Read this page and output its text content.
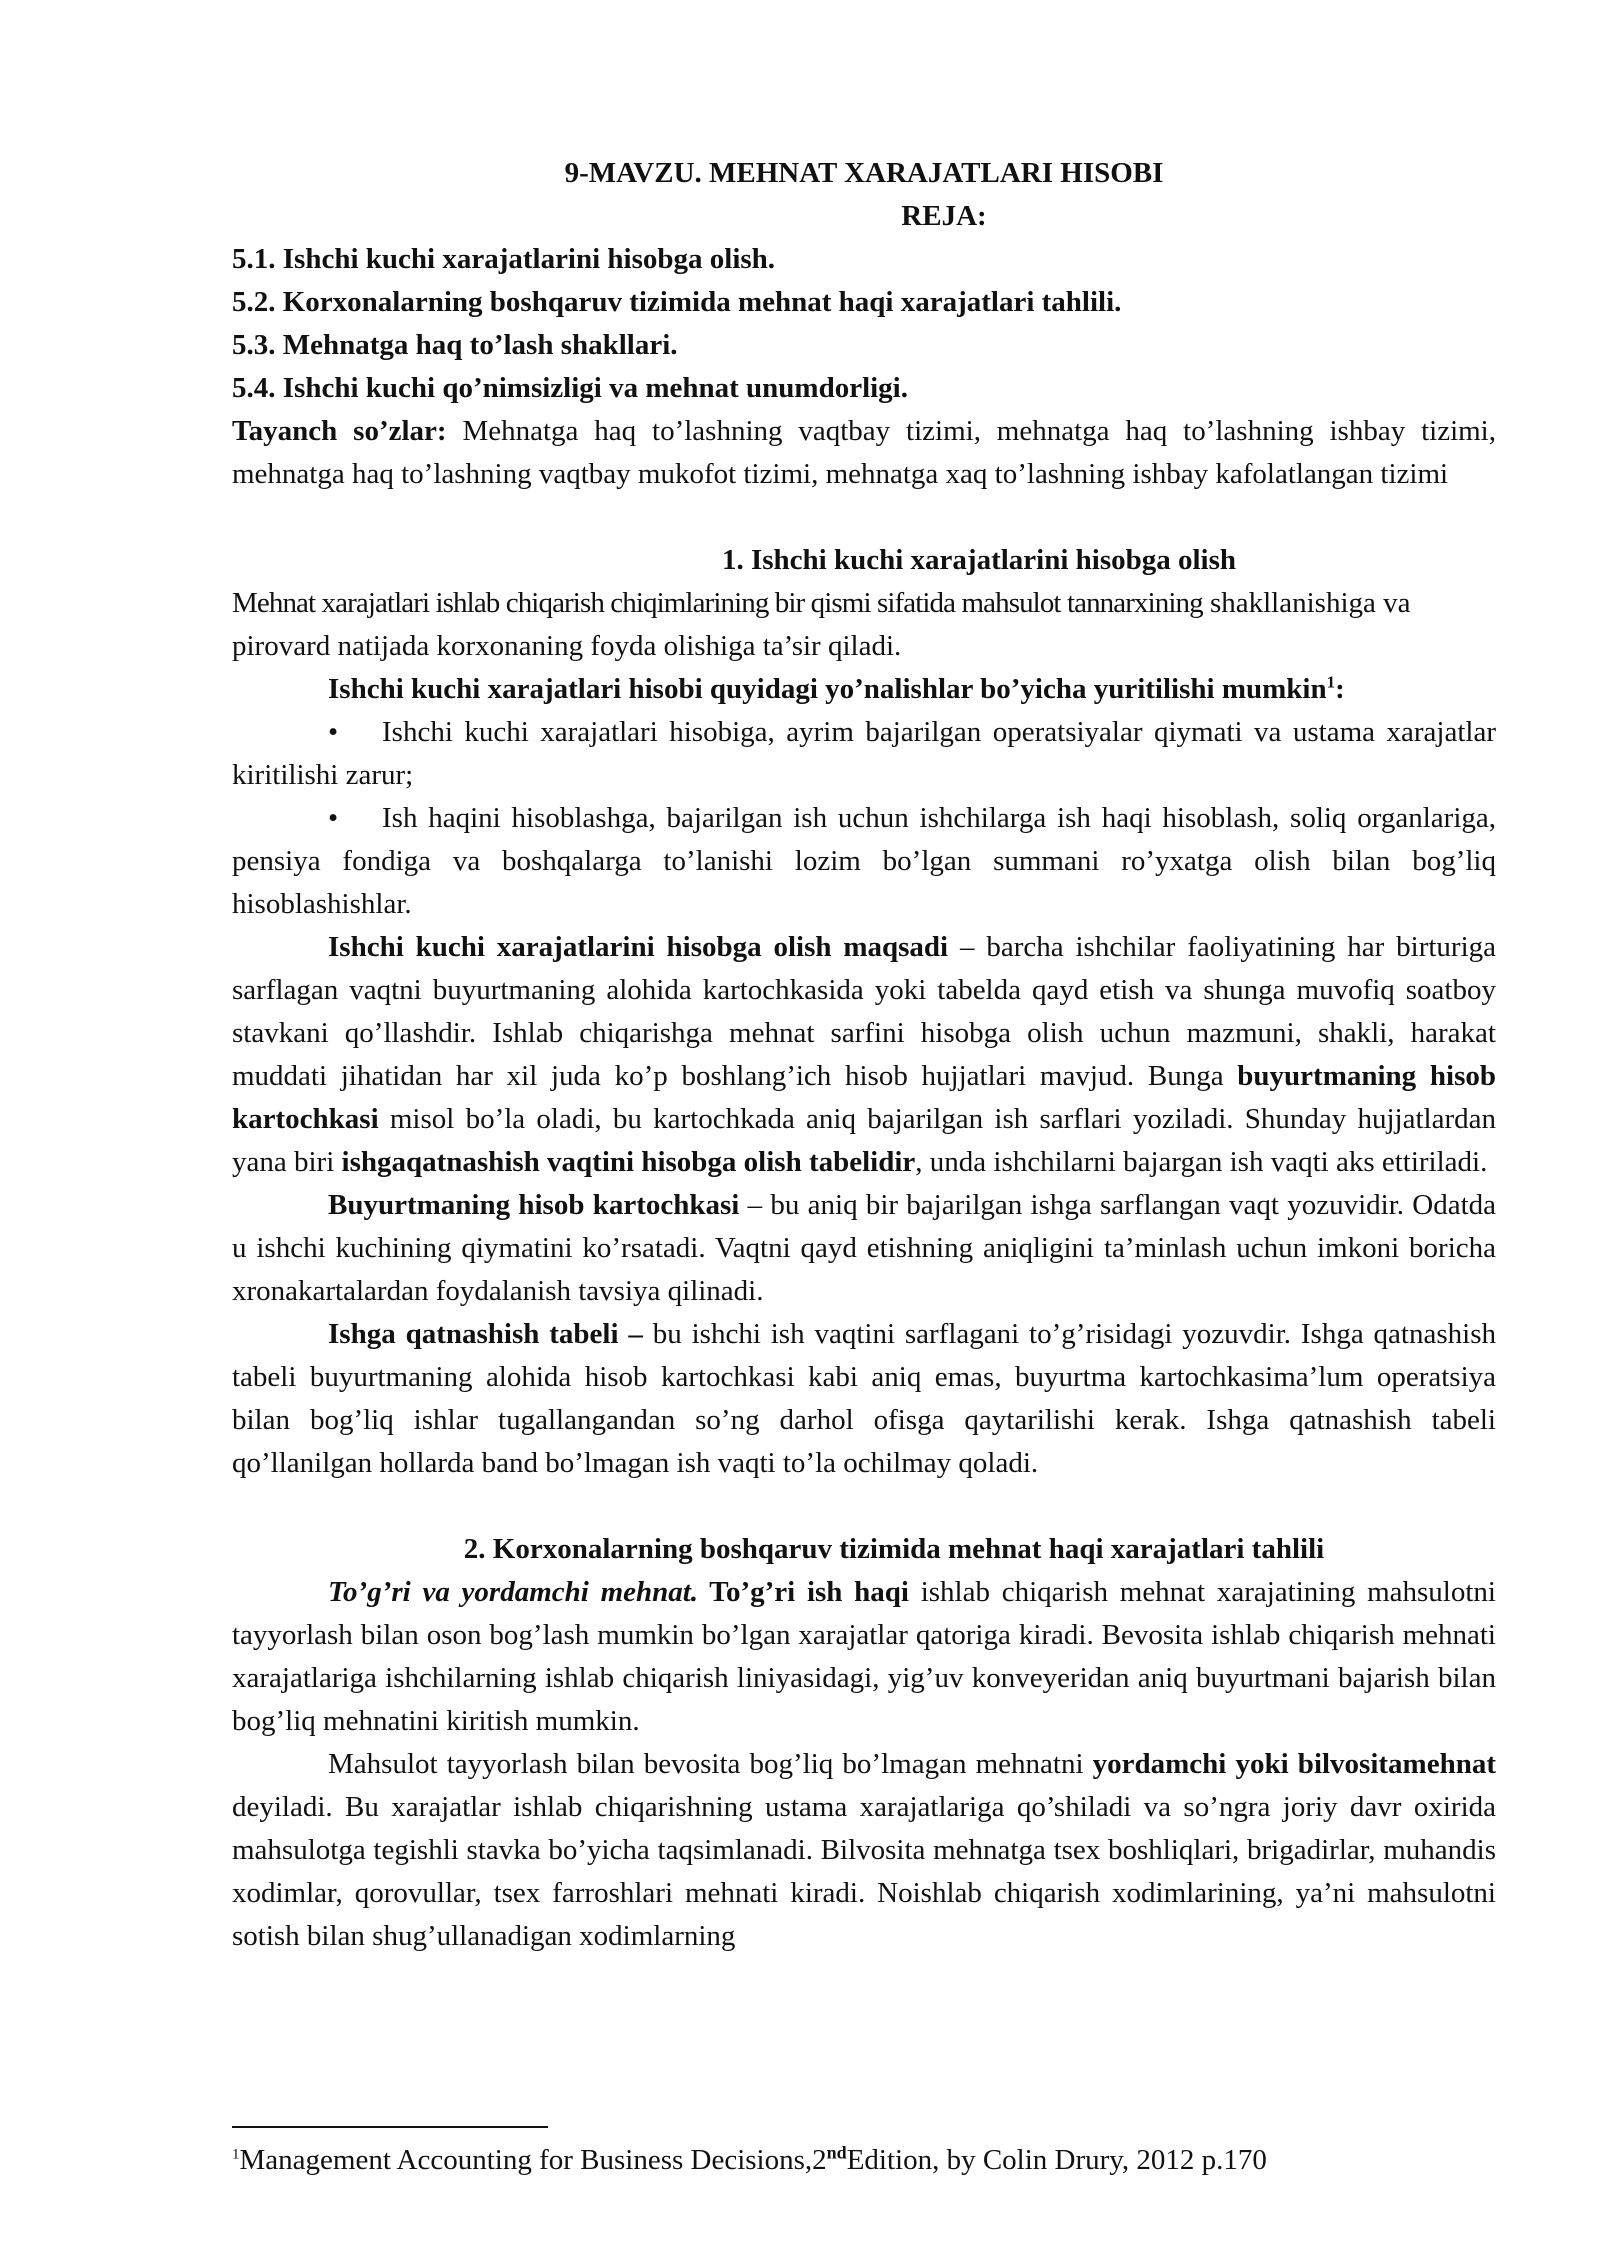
9-MAVZU. MEHNAT XARAJATLARI HISOBI
REJA:

5.1. Ishchi kuchi xarajatlarini hisobga olish.

5.2. Korxonalarning boshqaruv tizimida mehnat haqi xarajatlari tahlili.

5.3. Mehnatga haq to’lash shakllari.

5.4. Ishchi kuchi qo’nimsizligi va mehnat unumdorligi.

Tayanch so’zlar: Mehnatga haq to’lashning vaqtbay tizimi, mehnatga haq to’lashning ishbay tizimi, mehnatga haq to’lashning vaqtbay mukofot tizimi, mehnatga xaq to’lashning ishbay kafolatlangan tizimi

1. Ishchi kuchi xarajatlarini hisobga olish

Mehnat xarajatlari ishlab chiqarish chiqimlarining bir qismi sifatida mahsulot tannarxining shakllanishiga va pirovard natijada korxonaning foyda olishiga ta’sir qiladi.

Ishchi kuchi xarajatlari hisobi quyidagi yo’nalishlar bo’yicha yuritilishi mumkin$^1$:

• Ishchi kuchi xarajatlari hisobiga, ayrim bajarilgan operatsiyalar qiymati va ustama xarajatlar kiritilishi zarur;

• Ish haqini hisoblashga, bajarilgan ish uchun ishchilarga ish haqi hisoblash, soliq organlariga, pensiya fondiga va boshqalarga to’lanishi lozim bo’lgan summani ro’yxatga olish bilan bog’liq hisoblashishlar.

Ishchi kuchi xarajatlarini hisobga olish maqsadi – barcha ishchilar faoliyatining har birturiga sarflagan vaqtni buyurtmaning alohida kartochkasida yoki tabelda qayd etish va shunga muvofiq soatboy stavkani qo’llashdir. Ishlab chiqarishga mehnat sarfini hisobga olish uchun mazmuni, shakli, harakat muddati jihatidan har xil juda ko’p boshlang’ich hisob hujjatlari mavjud. Bunga buyurtmaning hisob kartochkasi misol bo’la oladi, bu kartochkada aniq bajarilgan ish sarflari yoziladi. Shunday hujjatlardan yana biri ishgaqatnashish vaqtini hisobga olish tabelidir, unda ishchilarni bajargan ish vaqti aks ettiriladi.

Buyurtmaning hisob kartochkasi – bu aniq bir bajarilgan ishga sarflangan vaqt yozuvidir. Odatda u ishchi kuchining qiymatini ko’rsatadi. Vaqtni qayd etishning aniqligini ta’minlash uchun imkoni boricha xronakartalardan foydalanish tavsiya qilinadi.

Ishga qatnashish tabeli – bu ishchi ish vaqtini sarflagani to’g’risidagi yozuvdir. Ishga qatnashish tabeli buyurtmaning alohida hisob kartochkasi kabi aniq emas, buyurtma kartochkasima’lum operatsiya bilan bog’liq ishlar tugallangandan so’ng darhol ofisga qaytarilishi kerak. Ishga qatnashish tabeli qo’llanilgan hollarda band bo’lmagan ish vaqti to’la ochilmay qoladi.

2. Korxonalarning boshqaruv tizimida mehnat haqi xarajatlari tahlili

To’g’ri va yordamchi mehnat. To’g’ri ish haqi ishlab chiqarish mehnat xarajatining mahsulotni tayyorlash bilan oson bog’lash mumkin bo’lgan xarajatlar qatoriga kiradi. Bevosita ishlab chiqarish mehnati xarajatlariga ishchilarning ishlab chiqarish liniyasidagi, yig’uv konveyeridan aniq buyurtmani bajarish bilan bog’liq mehnatini kiritish mumkin.

Mahsulot tayyorlash bilan bevosita bog’liq bo’lmagan mehnatni yordamchi yoki bilvositamehnat deyiladi. Bu xarajatlar ishlab chiqarishning ustama xarajatlariga qo’shiladi va so’ngra joriy davr oxirida mahsulotga tegishli stavka bo’yicha taqsimlanadi. Bilvosita mehnatga tsex boshliqlari, brigadirlar, muhandis xodimlar, qorovullar, tsex farroshlari mehnati kiradi. Noishlab chiqarish xodimlarining, ya’ni mahsulotni sotish bilan shug’ullanadigan xodimlarning

$^1$Management Accounting for Business Decisions,2ndEdition, by Colin Drury, 2012 p.170
